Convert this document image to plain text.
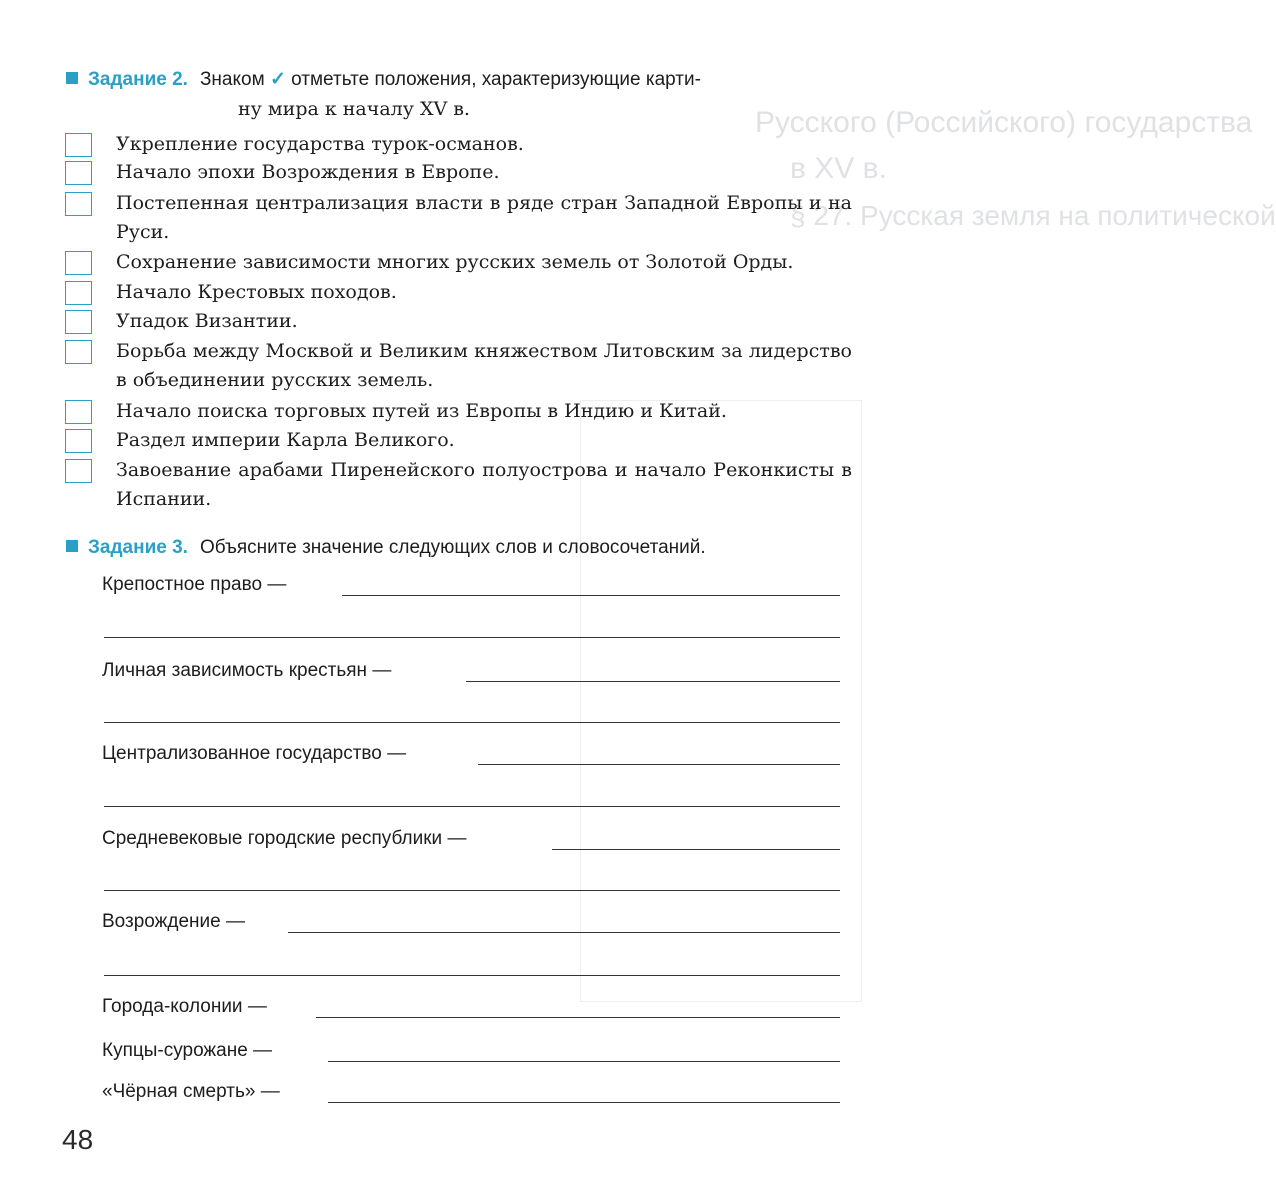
Русского (Российского) государства
в XV в.
§ 27. Русская земля на политической
Задание 2. Знаком ✓ отметьте положения, характеризующие карти-
ну мира к началу XV в.
Укрепление государства турок-османов.
Начало эпохи Возрождения в Европе.
Постепенная централизация власти в ряде стран Западной Европы и на Руси.
Сохранение зависимости многих русских земель от Золотой Орды.
Начало Крестовых походов.
Упадок Византии.
Борьба между Москвой и Великим княжеством Литовским за лидерство в объединении русских земель.
Начало поиска торговых путей из Европы в Индию и Китай.
Раздел империи Карла Великого.
Завоевание арабами Пиренейского полуострова и начало Реконкисты в Испании.
Задание 3. Объясните значение следующих слов и словосочетаний.
Крепостное право —
Личная зависимость крестьян —
Централизованное государство —
Средневековые городские республики —
Возрождение —
Города-колонии —
Купцы-сурожане —
«Чёрная смерть» —
48
